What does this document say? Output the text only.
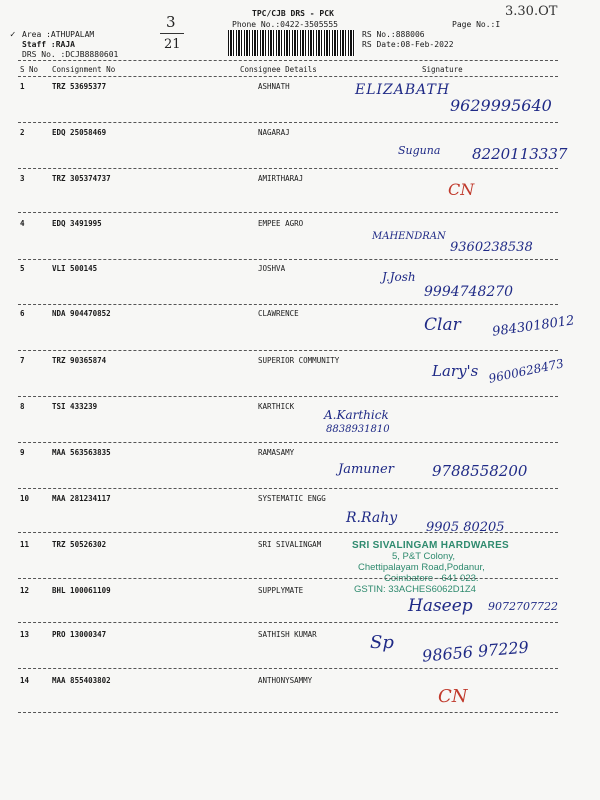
3.30.OT
TPC/CJB DRS - PCK
Phone No.:0422-3505555
Area :ATHUPALAM
Staff :RAJA
DRS No. :DCJB8880601
✓
3
21
RS No.:888006
RS Date:08-Feb-2022
Page No.:I
S No Consignment No	Consignee Details	Signature
1	TRZ 53695377	ASHNATH	ELIZABATH
9629995640
2	EDQ 25058469	NAGARAJ
Suguna 8220113337
3	TRZ 305374737	AMIRTHARAJ
CN
4	EDQ 3491995	EMPEE AGRO
MAHENDRAN
9360238538
5	VLI 500145	JOSHVA
J.Josh
9994748270
6	NDA 904470852	CLAWRENCE
Clar 9843018012
7	TRZ 90365874	SUPERIOR COMMUNITY
Lary's 9600628473
8	TSI 433239	KARTHICK
A.Karthick
8838931810
9	MAA 563563835	RAMASAMY
Jamuner	9788558200
10	MAA 281234117	SYSTEMATIC ENGG
R.Rahy
9905 80205
11	TRZ 50526302	SRI SIVALINGAM	SRI SIVALINGAM HARDWARES
5, P&T Colony,
Chettipalayam Road,Podanur,
Coimbatore - 641 023.
GSTIN: 33ACHES6062D1Z4
12	BHL 100061109	SUPPLYMATE
Haseep 9072707722
13	PRO 13000347	SATHISH KUMAR	Sp 98656 97229
14	MAA 855403802	ANTHONYSAMMY
CN
